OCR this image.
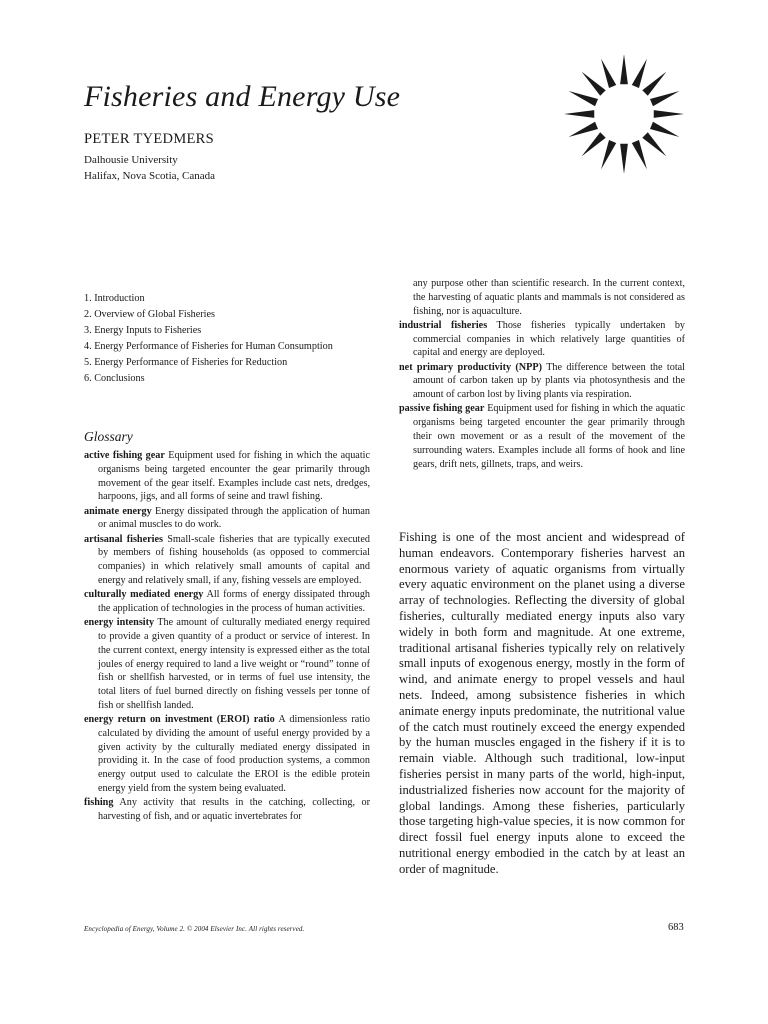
Fisheries and Energy Use
PETER TYEDMERS
Dalhousie University
Halifax, Nova Scotia, Canada
1. Introduction
2. Overview of Global Fisheries
3. Energy Inputs to Fisheries
4. Energy Performance of Fisheries for Human Consumption
5. Energy Performance of Fisheries for Reduction
6. Conclusions
Glossary

active fishing gear Equipment used for fishing in which the aquatic organisms being targeted encounter the gear primarily through movement of the gear itself. Examples include cast nets, dredges, harpoons, jigs, and all forms of seine and trawl fishing.

animate energy Energy dissipated through the application of human or animal muscles to do work.

artisanal fisheries Small-scale fisheries that are typically executed by members of fishing households (as opposed to commercial companies) in which relatively small amounts of capital and energy and relatively small, if any, fishing vessels are employed.

culturally mediated energy All forms of energy dissipated through the application of technologies in the process of human activities.

energy intensity The amount of culturally mediated energy required to provide a given quantity of a product or service of interest. In the current context, energy intensity is expressed either as the total joules of energy required to land a live weight or “round” tonne of fish or shellfish harvested, or in terms of fuel use intensity, the total liters of fuel burned directly on fishing vessels per tonne of fish or shellfish landed.

energy return on investment (EROI) ratio A dimensionless ratio calculated by dividing the amount of useful energy provided by a given activity by the culturally mediated energy dissipated in providing it. In the case of food production systems, a common energy output used to calculate the EROI is the edible protein energy yield from the system being evaluated.

fishing Any activity that results in the catching, collecting, or harvesting of fish, and or aquatic invertebrates for

any purpose other than scientific research. In the current context, the harvesting of aquatic plants and mammals is not considered as fishing, nor is aquaculture.

industrial fisheries Those fisheries typically undertaken by commercial companies in which relatively large quantities of capital and energy are deployed.

net primary productivity (NPP) The difference between the total amount of carbon taken up by plants via photosynthesis and the amount of carbon lost by living plants via respiration.

passive fishing gear Equipment used for fishing in which the aquatic organisms being targeted encounter the gear primarily through their own movement or as a result of the movement of the surrounding waters. Examples include all forms of hook and line gears, drift nets, gillnets, traps, and weirs.

Fishing is one of the most ancient and widespread of human endeavors. Contemporary fisheries harvest an enormous variety of aquatic organisms from virtually every aquatic environment on the planet using a diverse array of technologies. Reflecting the diversity of global fisheries, culturally mediated energy inputs also vary widely in both form and magnitude. At one extreme, traditional artisanal fisheries typically rely on relatively small inputs of exogenous energy, mostly in the form of wind, and animate energy to propel vessels and haul nets. Indeed, among subsistence fisheries in which animate energy inputs predominate, the nutritional value of the catch must routinely exceed the energy expended by the human muscles engaged in the fishery if it is to remain viable. Although such traditional, low-input fisheries persist in many parts of the world, high-input, industrialized fisheries now account for the majority of global landings. Among these fisheries, particularly those targeting high-value species, it is now common for direct fossil fuel energy inputs alone to exceed the nutritional energy embodied in the catch by at least an order of magnitude.

Encyclopedia of Energy, Volume 2. © 2004 Elsevier Inc. All rights reserved.	683
